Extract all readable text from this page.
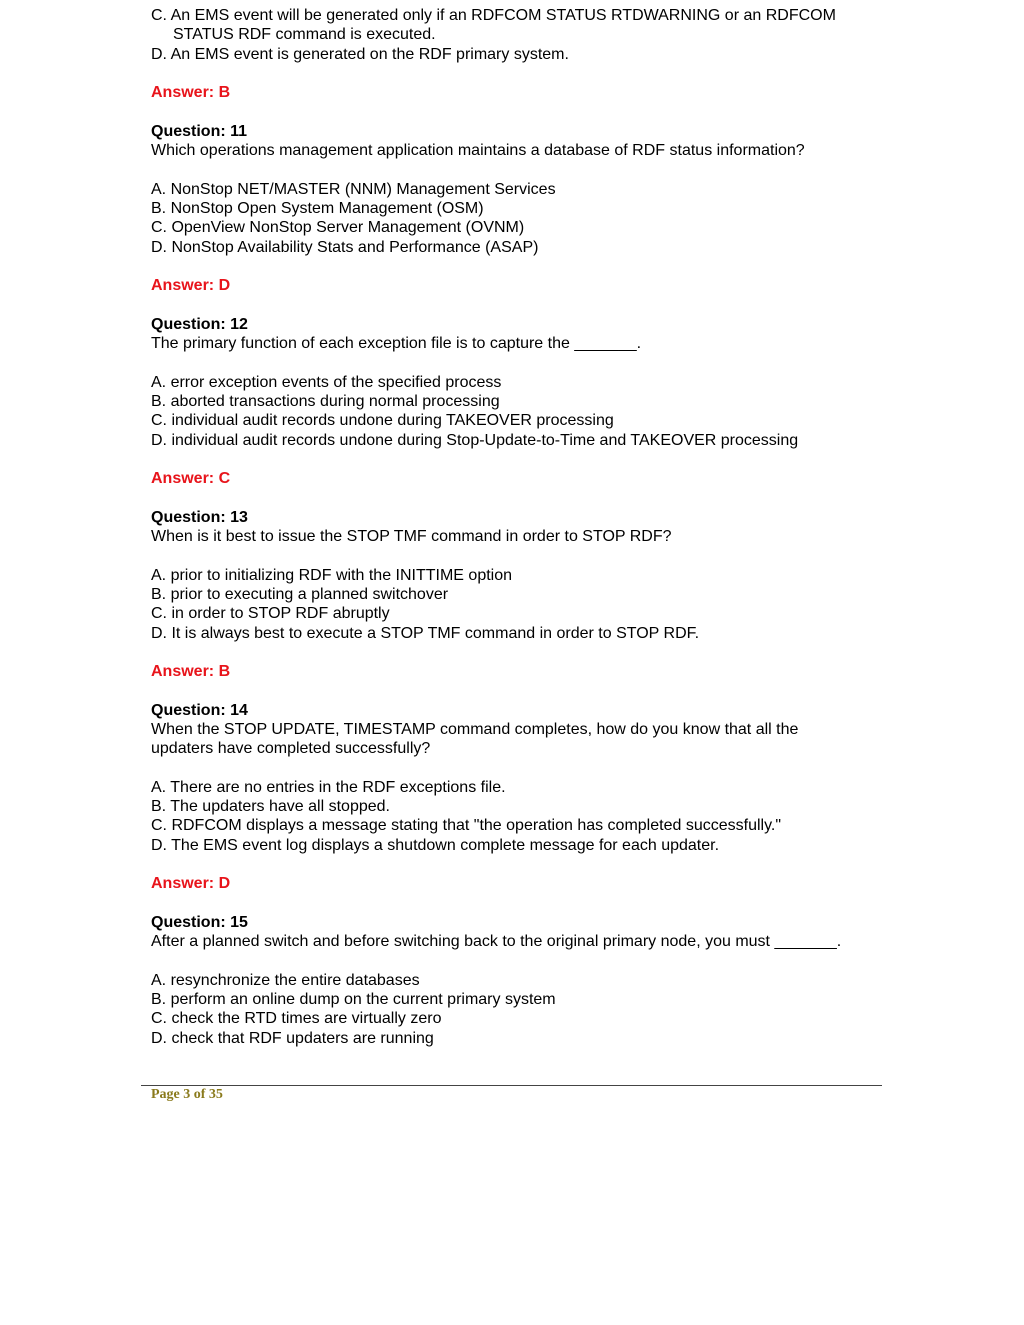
C. An EMS event will be generated only if an RDFCOM STATUS RTDWARNING or an RDFCOM

STATUS RDF command is executed.

D. An EMS event is generated on the RDF primary system.

Answer: B

Question: 11

Which operations management application maintains a database of RDF status information?

A. NonStop NET/MASTER (NNM) Management Services

B. NonStop Open System Management (OSM)

C. OpenView NonStop Server Management (OVNM)

D. NonStop Availability Stats and Performance (ASAP)

Answer: D

Question: 12

The primary function of each exception file is to capture the _______.

A. error exception events of the specified process

B. aborted transactions during normal processing

C. individual audit records undone during TAKEOVER processing

D. individual audit records undone during Stop-Update-to-Time and TAKEOVER processing

Answer: C

Question: 13

When is it best to issue the STOP TMF command in order to STOP RDF?

A. prior to initializing RDF with the INITTIME option

B. prior to executing a planned switchover

C. in order to STOP RDF abruptly

D. It is always best to execute a STOP TMF command in order to STOP RDF.

Answer: B

Question: 14

When the STOP UPDATE, TIMESTAMP command completes, how do you know that all the

updaters have completed successfully?

A. There are no entries in the RDF exceptions file.

B. The updaters have all stopped.

C. RDFCOM displays a message stating that "the operation has completed successfully."

D. The EMS event log displays a shutdown complete message for each updater.

Answer: D

Question: 15

After a planned switch and before switching back to the original primary node, you must _______.

A. resynchronize the entire databases

B. perform an online dump on the current primary system

C. check the RTD times are virtually zero

D. check that RDF updaters are running

Page 3 of 35
